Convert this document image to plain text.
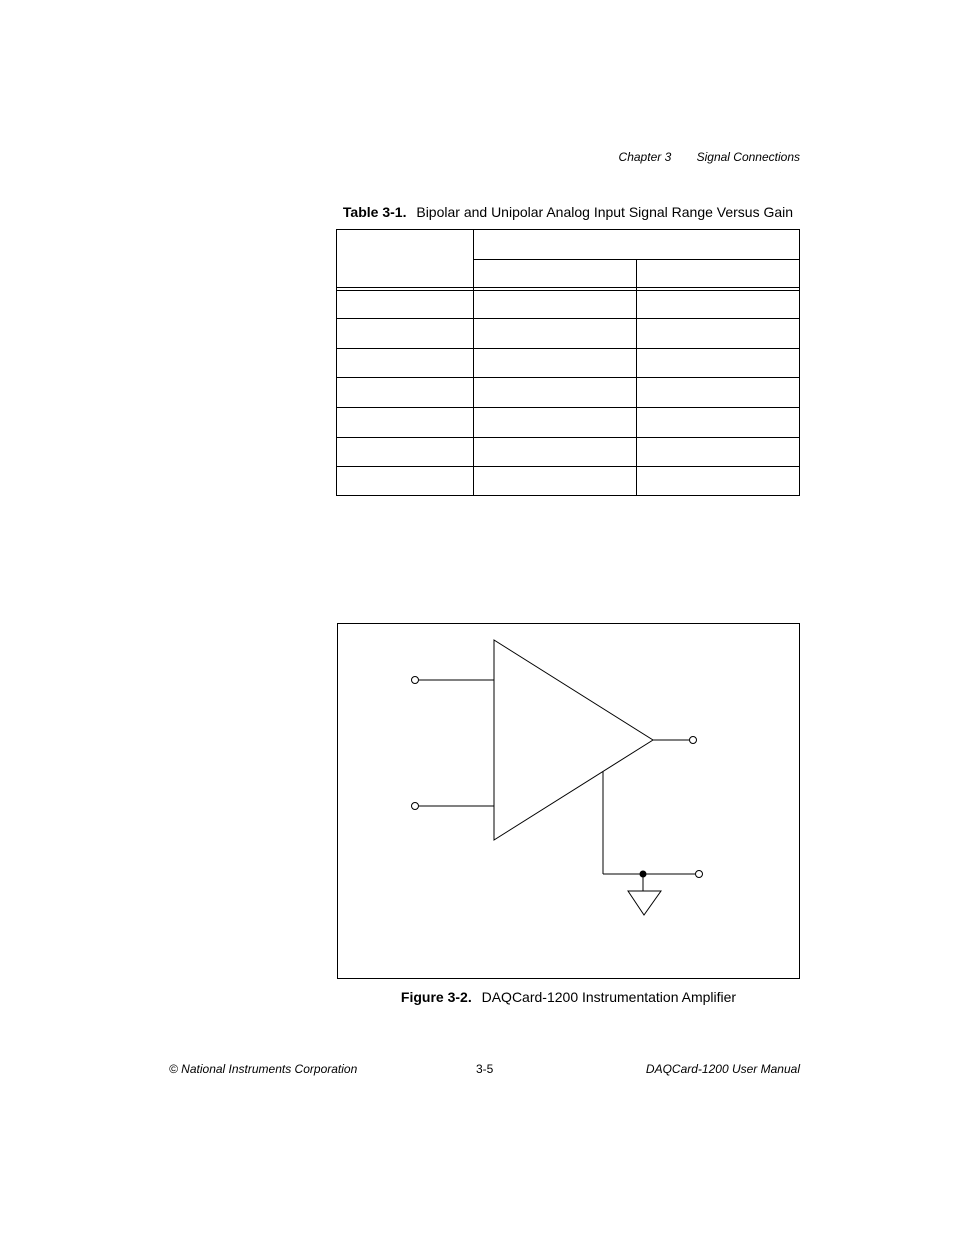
Chapter 3 Signal Connections
Table 3-1. Bipolar and Unipolar Analog Input Signal Range Versus Gain
Figure 3-2. DAQCard-1200 Instrumentation Amplifier
© National Instruments Corporation	3-5	DAQCard-1200 User Manual
